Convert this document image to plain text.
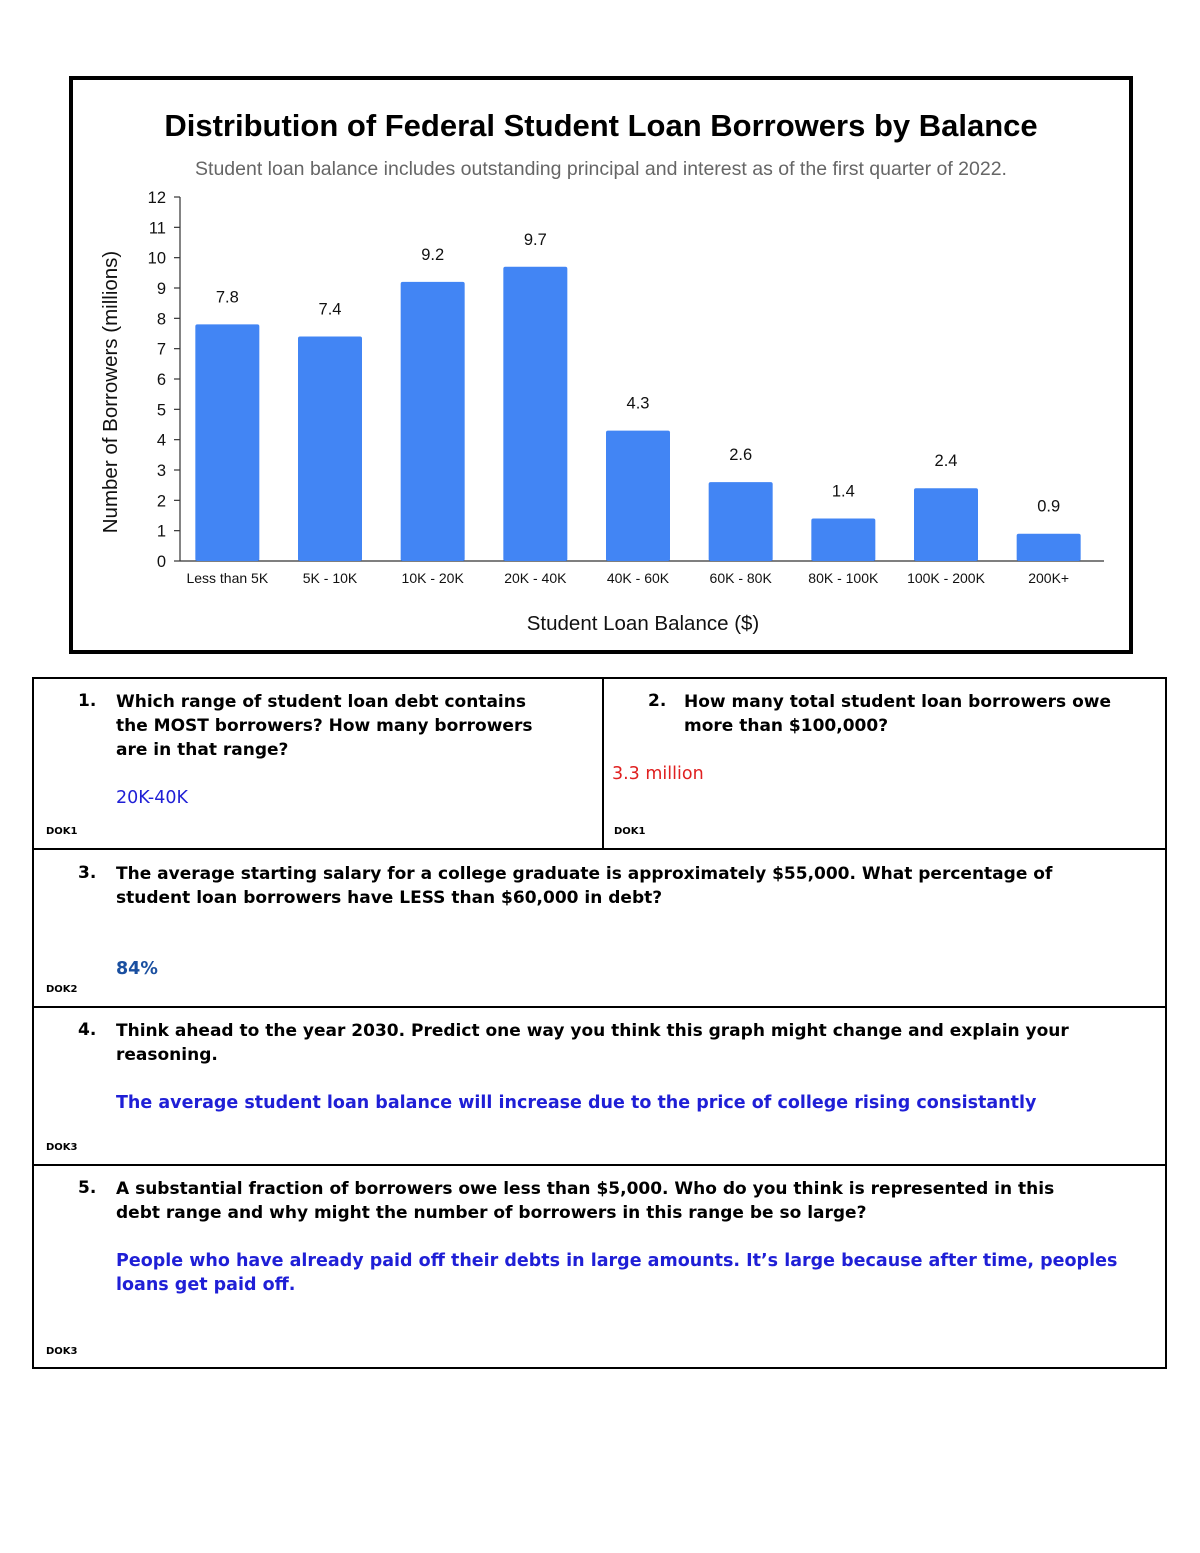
Distribution of Federal Student Loan Borrowers by Balance
Student loan balance includes outstanding principal and interest as of the first quarter of 2022.
Number of Borrowers (millions)
Student Loan Balance ($)
0
1
2
3
4
5
6
7
8
9
10
11
12
7.8
Less than 5K
7.4
5K - 10K
9.2
10K - 20K
9.7
20K - 40K
4.3
40K - 60K
2.6
60K - 80K
1.4
80K - 100K
2.4
100K - 200K
0.9
200K+
1. Which range of student loan debt contains
the MOST borrowers? How many borrowers
are in that range?
20K-40K
DOK1

2. How many total student loan borrowers owe
more than $100,000?
3.3 million
DOK1

3. The average starting salary for a college graduate is approximately $55,000. What percentage of
student loan borrowers have LESS than $60,000 in debt?
84%
DOK2

4. Think ahead to the year 2030. Predict one way you think this graph might change and explain your
reasoning.
The average student loan balance will increase due to the price of college rising consistantly
DOK3

5. A substantial fraction of borrowers owe less than $5,000. Who do you think is represented in this
debt range and why might the number of borrowers in this range be so large?
People who have already paid off their debts in large amounts. It’s large because after time, peoples
loans get paid off.
DOK3
